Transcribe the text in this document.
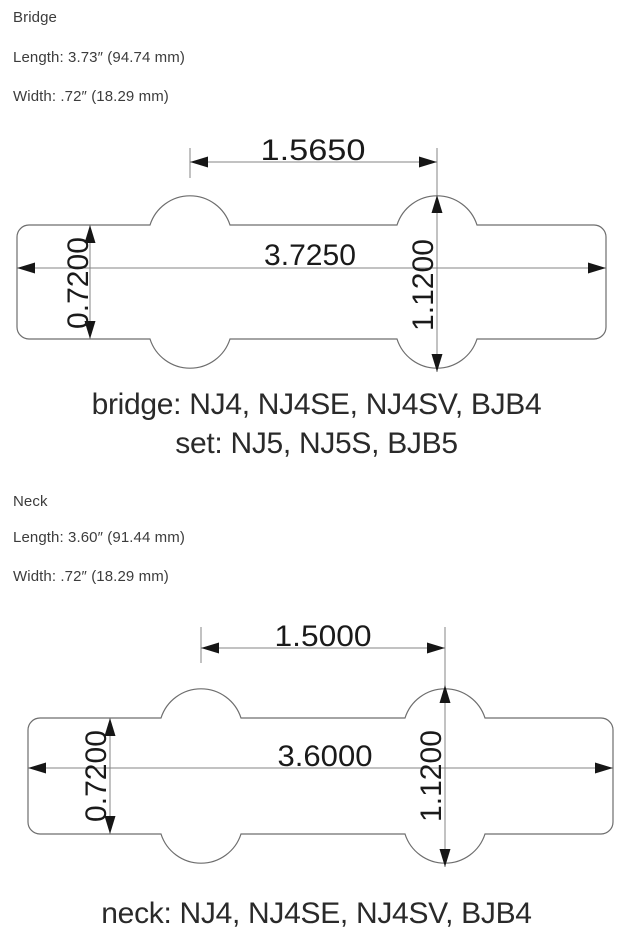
Bridge
Length: 3.73″ (94.74 mm)
Width: .72″ (18.29 mm)
1.5650
3.7250
0.7200	1.1200
bridge: NJ4, NJ4SE, NJ4SV, BJB4
set: NJ5, NJ5S, BJB5
Neck
Length: 3.60″ (91.44 mm)
Width: .72″ (18.29 mm)
1.5000
3.6000
0.7200	1.1200
neck: NJ4, NJ4SE, NJ4SV, BJB4
